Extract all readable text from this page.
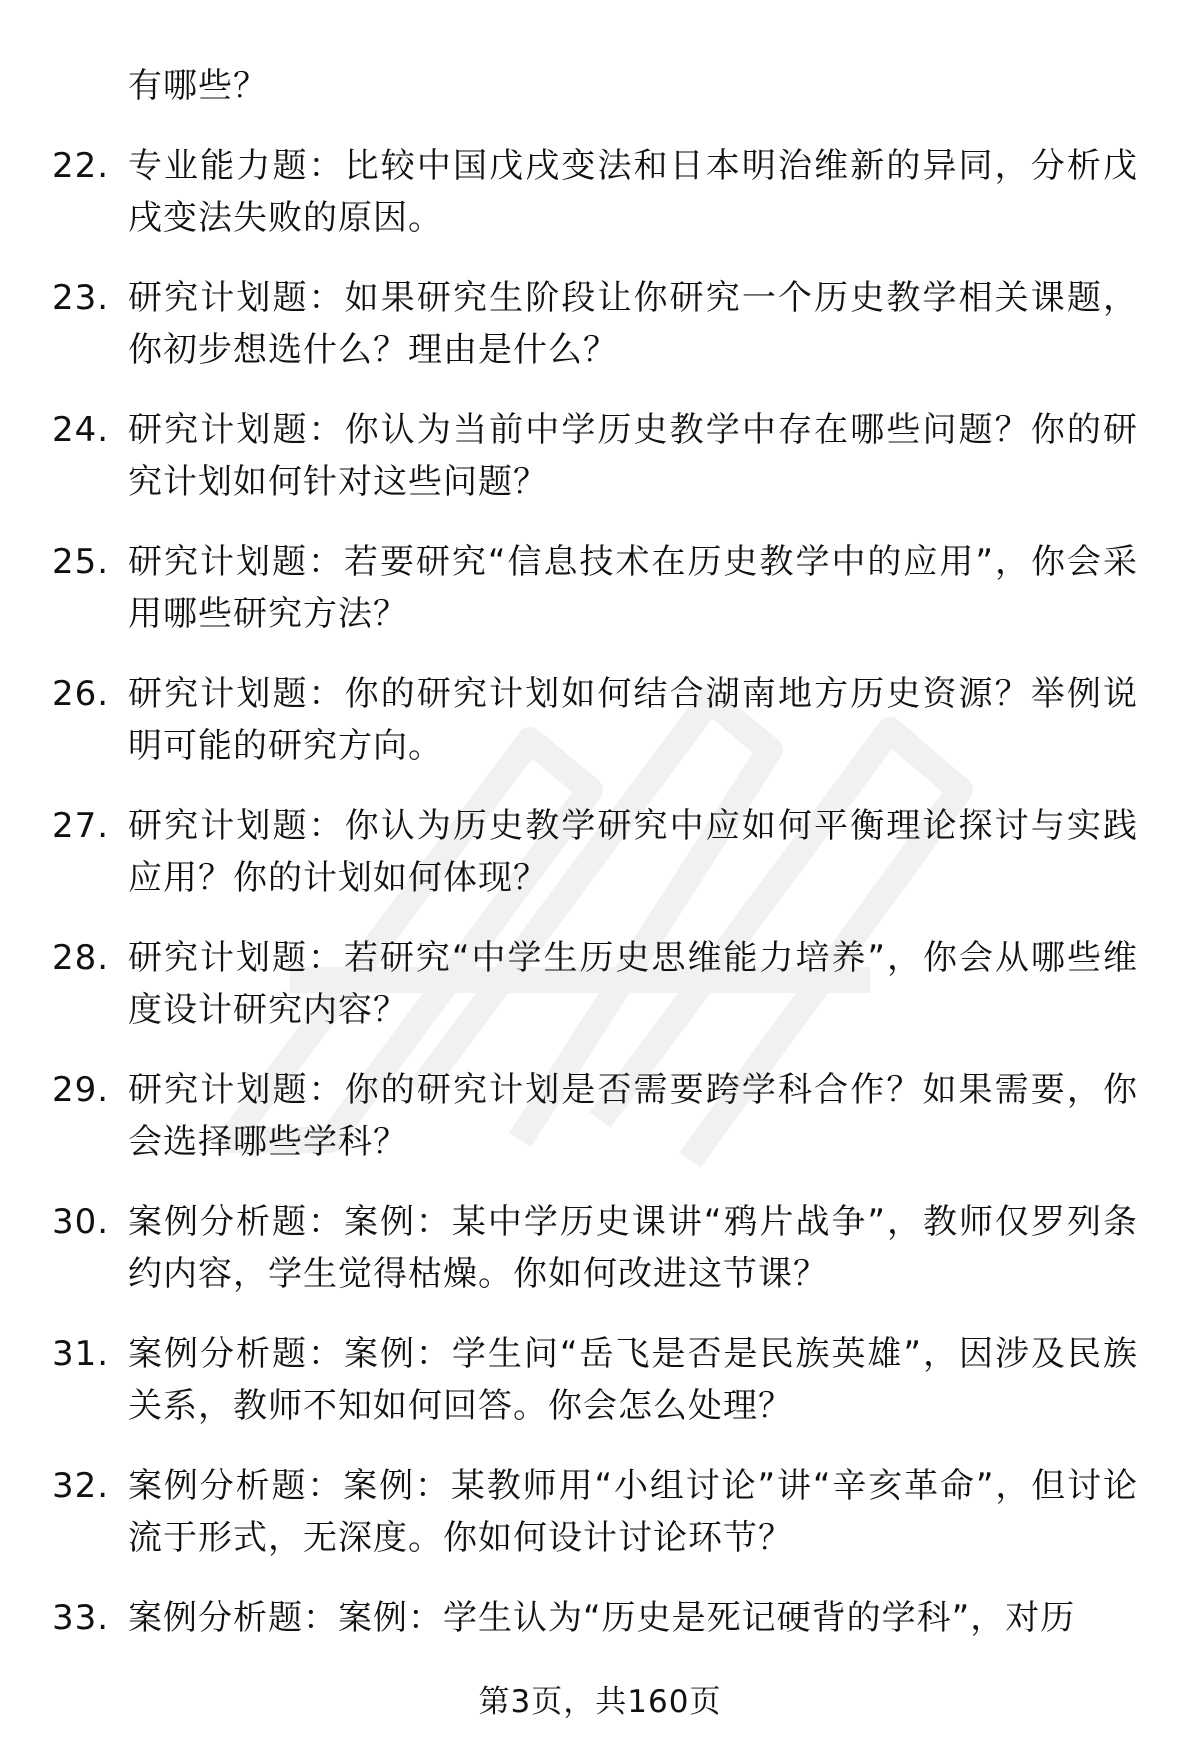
有哪些？

22. 专业能力题：比较中国戊戌变法和日本明治维新的异同，分析戊戌变法失败的原因。
23. 研究计划题：如果研究生阶段让你研究一个历史教学相关课题，你初步想选什么？理由是什么？
24. 研究计划题：你认为当前中学历史教学中存在哪些问题？你的研究计划如何针对这些问题？
25. 研究计划题：若要研究“信息技术在历史教学中的应用”，你会采用哪些研究方法？
26. 研究计划题：你的研究计划如何结合湖南地方历史资源？举例说明可能的研究方向。
27. 研究计划题：你认为历史教学研究中应如何平衡理论探讨与实践应用？你的计划如何体现？
28. 研究计划题：若研究“中学生历史思维能力培养”，你会从哪些维度设计研究内容？
29. 研究计划题：你的研究计划是否需要跨学科合作？如果需要，你会选择哪些学科？
30. 案例分析题：案例：某中学历史课讲“鸦片战争”，教师仅罗列条约内容，学生觉得枯燥。你如何改进这节课？
31. 案例分析题：案例：学生问“岳飞是否是民族英雄”，因涉及民族关系，教师不知如何回答。你会怎么处理？
32. 案例分析题：案例：某教师用“小组讨论”讲“辛亥革命”，但讨论流于形式，无深度。你如何设计讨论环节？
33. 案例分析题：案例：学生认为“历史是死记硬背的学科”，对历
第3页，共160页
